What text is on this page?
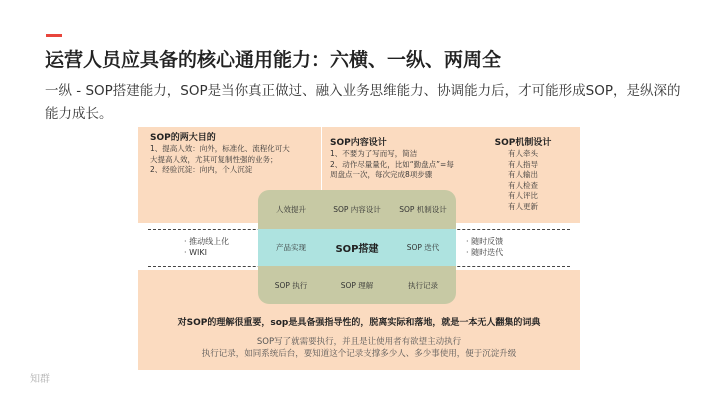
运营人员应具备的核心通用能力：六横、一纵、两周全
一纵 - SOP搭建能力，SOP是当你真正做过、融入业务思维能力、协调能力后，才可能形成SOP，是纵深的能力成长。
SOP的两大目的
1、提高人效：向外，标准化、流程化可大
大提高人效，尤其可复制性强的业务；
2、经验沉淀：向内，个人沉淀
SOP内容设计
1、不要为了写而写，简洁
2、动作尽量量化，比如“勤盘点”=每
周盘点一次，每次完成8项步骤
SOP机制设计
有人牵头
有人指导
有人输出
有人检查
有人评比
有人更新
· 推动线上化
· WIKI
· 随时反馈
· 随时迭代
人效提升	SOP 内容设计	SOP 机制设计
产品实现	SOP搭建	SOP 迭代
SOP 执行	SOP 理解	执行记录
对SOP的理解很重要，sop是具备强指导性的，脱离实际和落地，就是一本无人翻集的词典
SOP写了就需要执行，并且是让使用者有欲望主动执行
执行记录，如同系统后台，要知道这个记录支撑多少人、多少事使用，便于沉淀升级
知群
